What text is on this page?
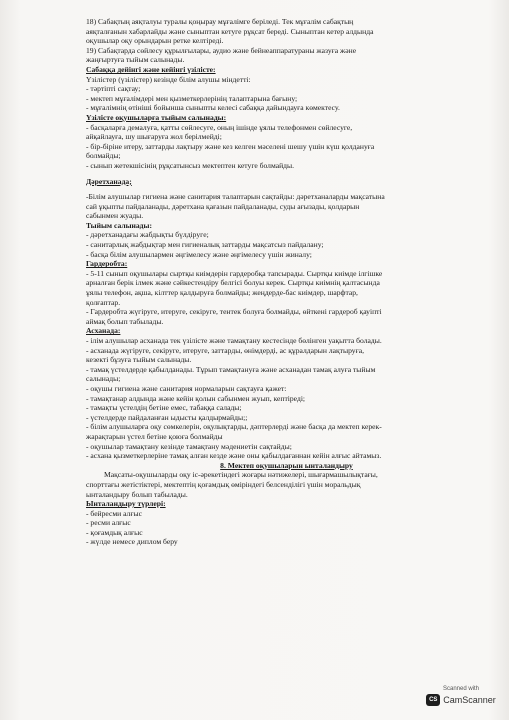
18) Сабақтың аяқталуы туралы қоңырау мұғалімге беріледі. Тек мұғалім сабақтың

аяқталғанын хабарлайды және сыныптан кетуге рұқсат береді. Сыныптан кетер алдында

оқушылар оқу орындарын ретке келтіреді.

19) Сабақтарда сөйлесу құрылғылары, аудио және бейнеаппаратураны жазуға және

жаңғыртуға тыйым салынады.

Сабаққа дейінгі және кейінгі үзілісте:

Үзілістер (үзілістер) кезінде білім алушы міндетті:

- тәртіпті сақтау;

- мектеп мұғалімдері мен қызметкерлерінің талаптарына бағыну;

- мұғалімнің өтініші бойынша сыныпты келесі сабаққа дайындауға көмектесу.

Үзілісте оқушыларға тыйым салынады:

- басқаларға демалуға, қатты сөйлесуге, оның ішінде ұялы телефонмен сөйлесуге,

айқайлауға, шу шығаруға жол берілмейді;

- бір-біріне итеру, заттарды лақтыру және кез келген мәселені шешу үшін күш қолдануға

болмайды;

- сынып жетекшісінің рұқсатынсыз мектептен кетуге болмайды.

Дәретханада;

-Білім алушылар гигиена және санитария талаптарын сақтайды: дәретханаларды мақсатына

сай ұқыпты пайдаланады, дәретхана қағазын пайдаланады, суды ағызады, қолдарын

сабынмен жуады.

Тыйым салынады:

- дәретханадағы жабдықты бүлдіруге;

- санитарлық жабдықтар мен гигиеналық заттарды мақсатсыз пайдалану;

- басқа білім алушылармен әңгімелесу және әңгімелесу үшін жиналу;

Гардеробта:

- 5-11 сынып оқушылары сыртқы киімдерін гардеробқа тапсырады. Сыртқы киімде ілгішке

арналған берік ілмек және сәйкестендіру белгісі болуы керек. Сыртқы киімнің қалтасында

ұялы телефон, ақша, кілттер қалдыруға болмайды; жеңдерде-бас киімдер, шарфтар,

қолғаптар.

- Гардеробта жүгіруге, итеруге, секіруге, тентек болуға болмайды, өйткені гардероб қауіпті

аймақ болып табылады.

Асханада:

- ілім алушылар асханада тек үзілісте және тамақтану кестесінде бөлінген уақытта болады.

- асханада жүгіруге, секіруге, итеруге, заттарды, өнімдерді, ас құралдарын лақтыруға,

кезекті бұзуға тыйым салынады.

- тамақ үстелдерде қабылданады. Тұрып тамақтануға және асханадан тамақ алуға тыйым

салынады;

- оқушы гигиена және санитария нормаларын сақтауға қажет:

- тамақтанар алдында және кейін қолын сабынмен жуып, кептіреді;

- тамақты үстелдің бетіне емес, табаққа салады;

- үстелдерде пайдаланған ыдысты қалдырмайды;;

- білім алушыларға оқу сөмкелерін, оқулықтарды, дәптерлерді және басқа да мектеп керек-

жарақтарын үстел бетіне қоюға болмайды

- оқушылар тамақтану кезінде тамақтану мәдениетін сақтайды;

- асхана қызметкерлеріне тамақ алған кезде және оны қабылдағаннан кейін алғыс айтамыз.

8. Мектеп оқушыларын ынталандыру

Мақсаты-оқушыларды оқу іс-әрекетіндегі жоғары нәтижелері, шығармашылықтағы,

спорттағы жетістіктері, мектептің қоғамдық өміріндегі белсенділігі үшін моральдық

ынталандыру болып табылады.

Ынталандыру түрлері:

- бейресми алғыс

- ресми алғыс

- қоғамдық алғыс

- жүлде немесе диплом беру

Scanned with
CS CamScanner
